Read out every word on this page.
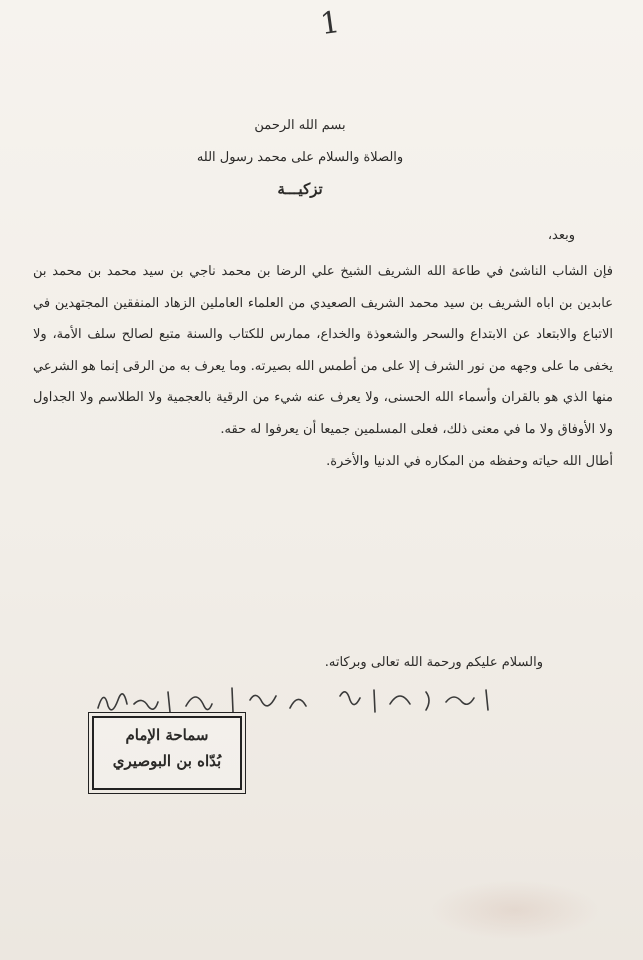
1
بسم الله الرحمن
والصلاة والسلام على محمد رسول الله
تزكيـــة
وبعد،

فإن الشاب الناشئ في طاعة الله الشريف الشيخ علي الرضا بن محمد ناجي بن سيد محمد بن محمد بن عابدين بن اباه الشريف بن سيد محمد الشريف الصعيدي من العلماء العاملين الزهاد المنفقين المجتهدين في الاتباع والابتعاد عن الابتداع والسحر والشعوذة والخداع، ممارس للكتاب والسنة متبع لصالح سلف الأمة، ولا يخفى ما على وجهه من نور الشرف إلا على من أطمس الله بصيرته. وما يعرف به من الرقى إنما هو الشرعي منها الذي هو بالقران وأسماء الله الحسنى، ولا يعرف عنه شيء من الرقية بالعجمية ولا الطلاسم ولا الجداول ولا الأوفاق ولا ما في معنى ذلك، فعلى المسلمين جميعا أن يعرفوا له حقه.

أطال الله حياته وحفظه من المكاره في الدنيا والأخرة.

والسلام عليكم ورحمة الله تعالى وبركاته.
سماحة الإمام
بُدّاه بن البوصيري
